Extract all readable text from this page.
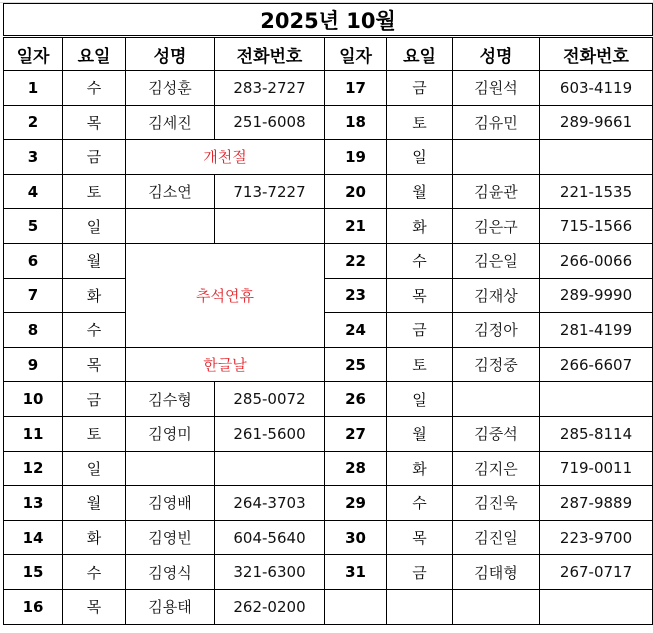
2025년 10월							
일자	요일	성명	전화번호	일자	요일	성명	전화번호
1	수	김성훈	283-2727	17	금	김원석	603-4119
2	목	김세진	251-6008	18	토	김유민	289-9661
3	금	개천절		19	일		
4	토	김소연	713-7227	20	월	김윤관	221-1535
5	일			21	화	김은구	715-1566
6	월	추석연휴		22	수	김은일	266-0066
7	화			23	목	김재상	289-9990
8	수			24	금	김정아	281-4199
9	목	한글날		25	토	김정중	266-6607
10	금	김수형	285-0072	26	일		
11	토	김영미	261-5600	27	월	김중석	285-8114
12	일			28	화	김지은	719-0011
13	월	김영배	264-3703	29	수	김진욱	287-9889
14	화	김영빈	604-5640	30	목	김진일	223-9700
15	수	김영식	321-6300	31	금	김태형	267-0717
16	목	김용태	262-0200				
